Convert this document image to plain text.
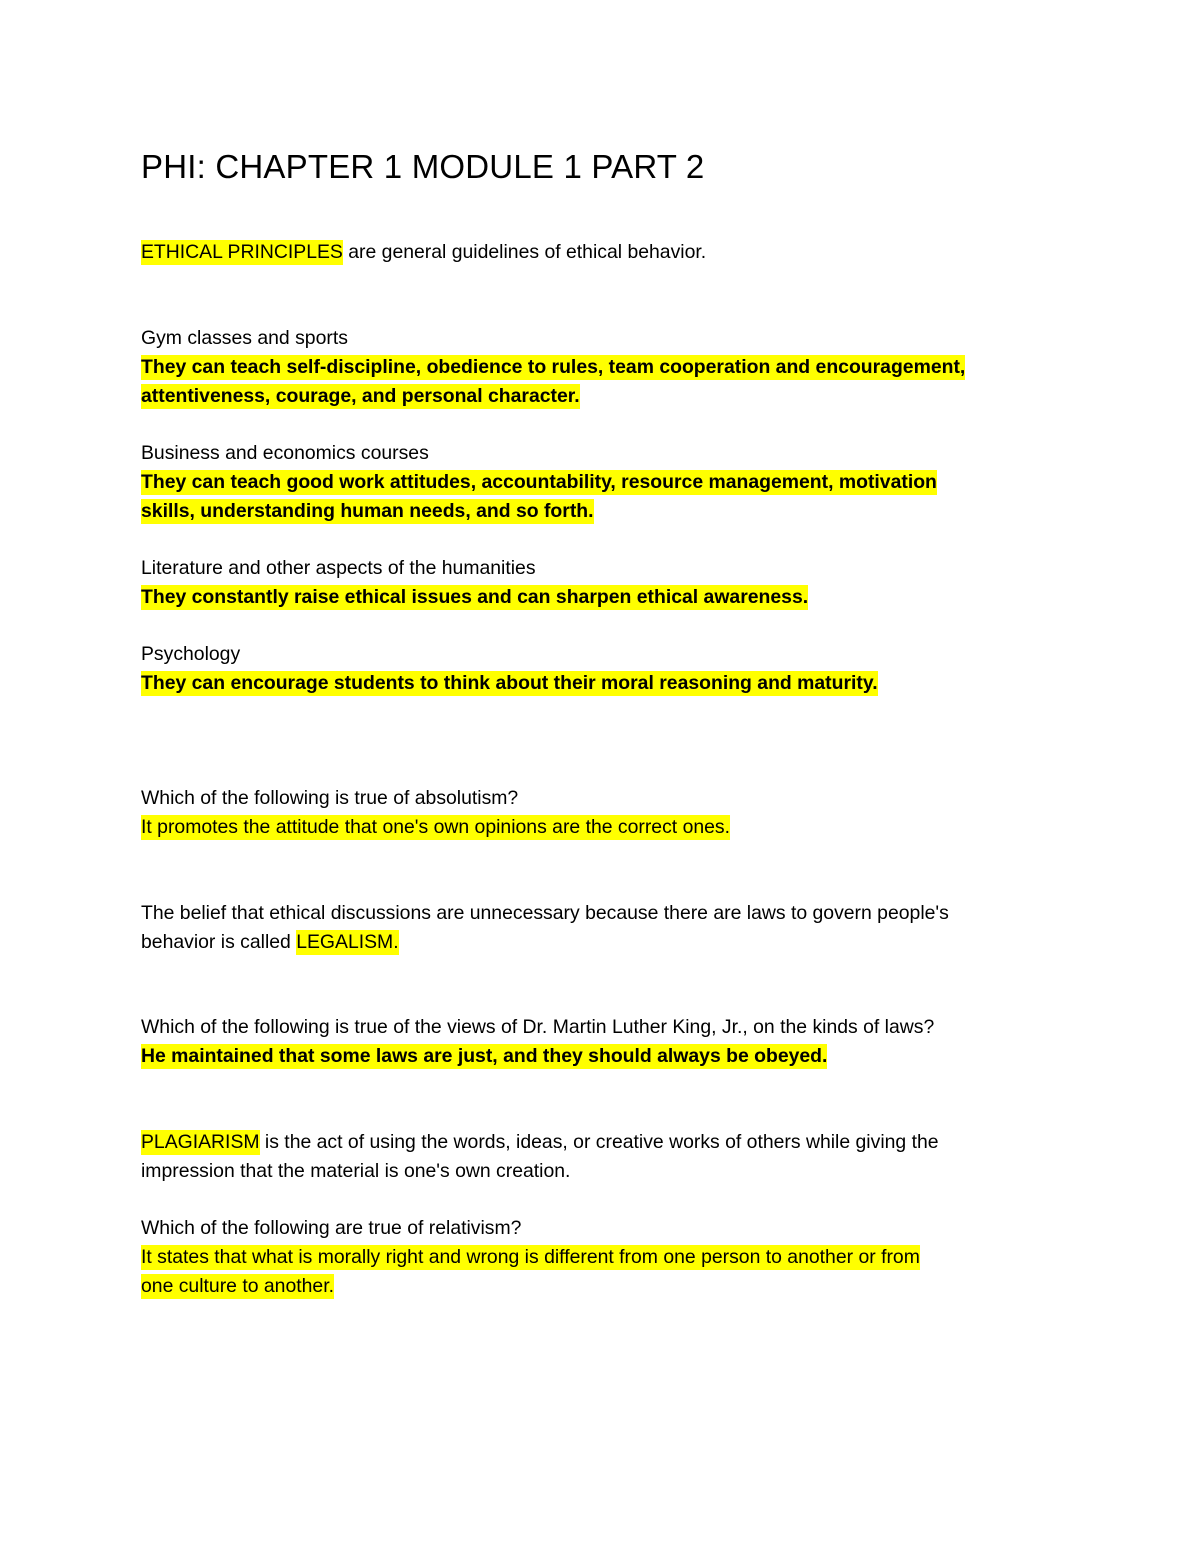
PHI: CHAPTER 1 MODULE 1 PART 2
ETHICAL PRINCIPLES are general guidelines of ethical behavior.
Gym classes and sports
They can teach self-discipline, obedience to rules, team cooperation and encouragement,
attentiveness, courage, and personal character.
Business and economics courses
They can teach good work attitudes, accountability, resource management, motivation
skills, understanding human needs, and so forth.
Literature and other aspects of the humanities
They constantly raise ethical issues and can sharpen ethical awareness.
Psychology
They can encourage students to think about their moral reasoning and maturity.
Which of the following is true of absolutism?
It promotes the attitude that one's own opinions are the correct ones.
The belief that ethical discussions are unnecessary because there are laws to govern people's
behavior is called LEGALISM.
Which of the following is true of the views of Dr. Martin Luther King, Jr., on the kinds of laws?
He maintained that some laws are just, and they should always be obeyed.
PLAGIARISM is the act of using the words, ideas, or creative works of others while giving the
impression that the material is one's own creation.
Which of the following are true of relativism?
It states that what is morally right and wrong is different from one person to another or from
one culture to another.
